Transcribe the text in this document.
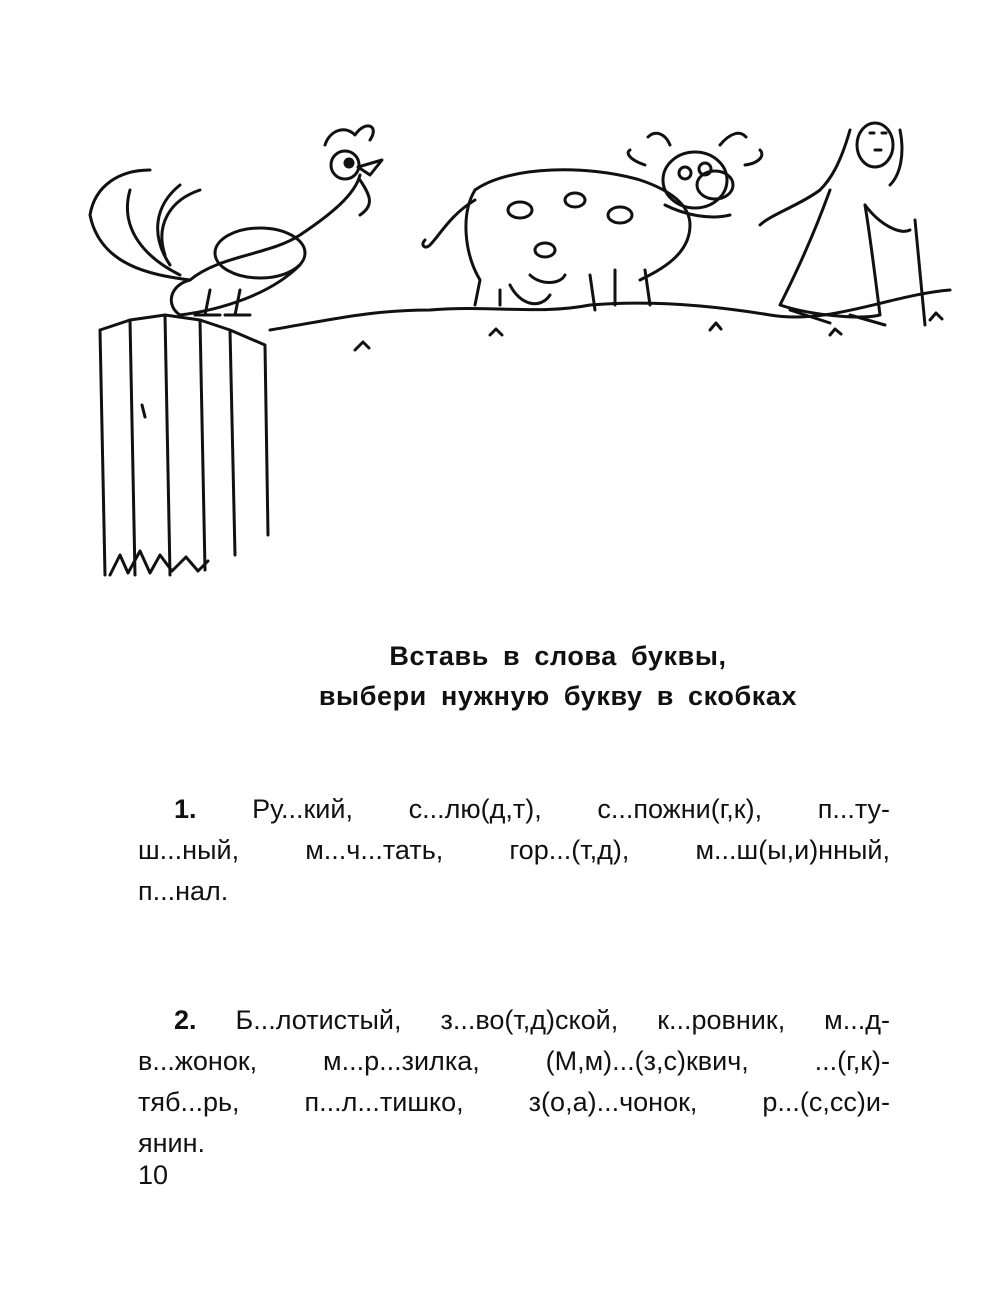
Вставь в слова буквы,
выбери нужную букву в скобках
1. Ру...кий, с...лю(д,т), с...пожни(г,к), п...ту-
ш...ный, м...ч...тать, гор...(т,д), м...ш(ы,и)нный,
п...нал.
2. Б...лотистый, з...во(т,д)ской, к...ровник, м...д-
в...жонок, м...р...зилка, (М,м)...(з,с)квич, ...(г,к)-
тяб...рь, п...л...тишко, з(о,а)...чонок, р...(с,сс)и-
янин.
10
